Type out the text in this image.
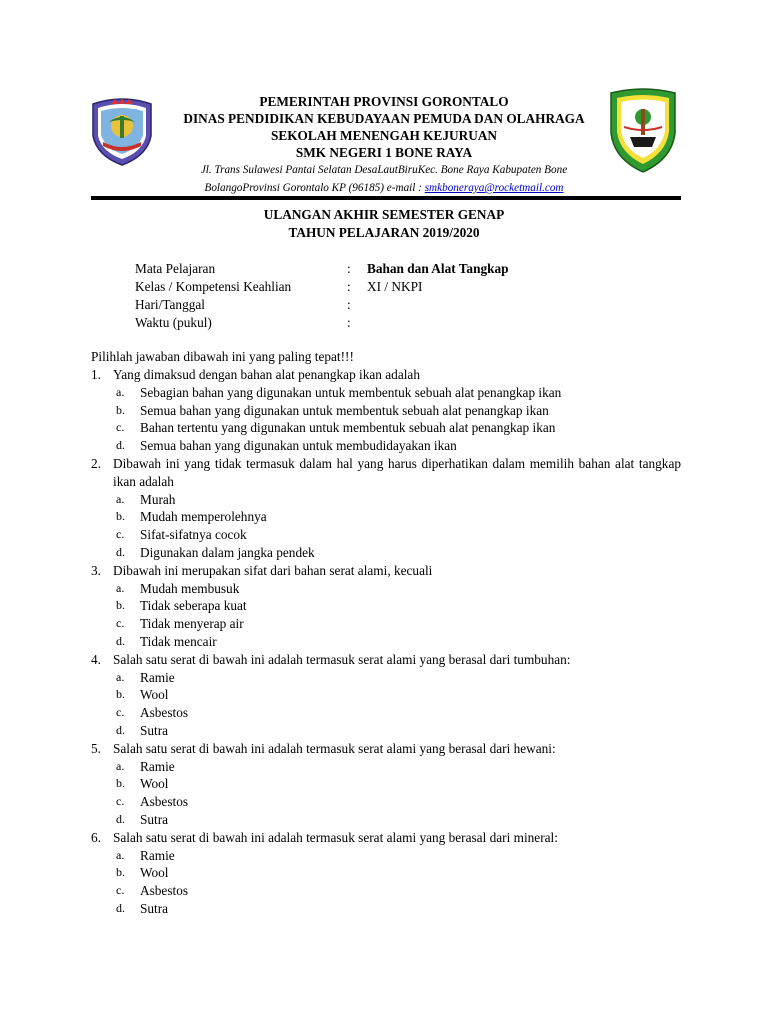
PEMERINTAH PROVINSI GORONTALO
DINAS PENDIDIKAN KEBUDAYAAN PEMUDA DAN OLAHRAGA
SEKOLAH MENENGAH KEJURUAN
SMK NEGERI 1 BONE RAYA
Jl. Trans Sulawesi Pantai Selatan DesaLautBiruKec. Bone Raya Kabupaten Bone
BolangoProvinsi Gorontalo KP (96185) e-mail : smkboneraya@rocketmail.com
ULANGAN AKHIR SEMESTER GENAP
TAHUN PELAJARAN 2019/2020
Mata Pelajaran	: Bahan dan Alat Tangkap
Kelas / Kompetensi Keahlian	: XI / NKPI
Hari/Tanggal	:
Waktu (pukul)	:
Pilihlah jawaban dibawah ini yang paling tepat!!!
1. Yang dimaksud dengan bahan alat penangkap ikan adalah
a. Sebagian bahan yang digunakan untuk membentuk sebuah alat penangkap ikan
b. Semua bahan yang digunakan untuk membentuk sebuah alat penangkap ikan
c. Bahan tertentu yang digunakan untuk membentuk sebuah alat penangkap ikan
d. Semua bahan yang digunakan untuk membudidayakan ikan
2. Dibawah ini yang tidak termasuk dalam hal yang harus diperhatikan dalam memilih bahan alat tangkap ikan adalah
a. Murah
b. Mudah memperolehnya
c. Sifat-sifatnya cocok
d. Digunakan dalam jangka pendek
3. Dibawah ini merupakan sifat dari bahan serat alami, kecuali
a. Mudah membusuk
b. Tidak seberapa kuat
c. Tidak menyerap air
d. Tidak mencair
4. Salah satu serat di bawah ini adalah termasuk serat alami yang berasal dari tumbuhan:
a. Ramie
b. Wool
c. Asbestos
d. Sutra
5. Salah satu serat di bawah ini adalah termasuk serat alami yang berasal dari hewani:
a. Ramie
b. Wool
c. Asbestos
d. Sutra
6. Salah satu serat di bawah ini adalah termasuk serat alami yang berasal dari mineral:
a. Ramie
b. Wool
c. Asbestos
d. Sutra
